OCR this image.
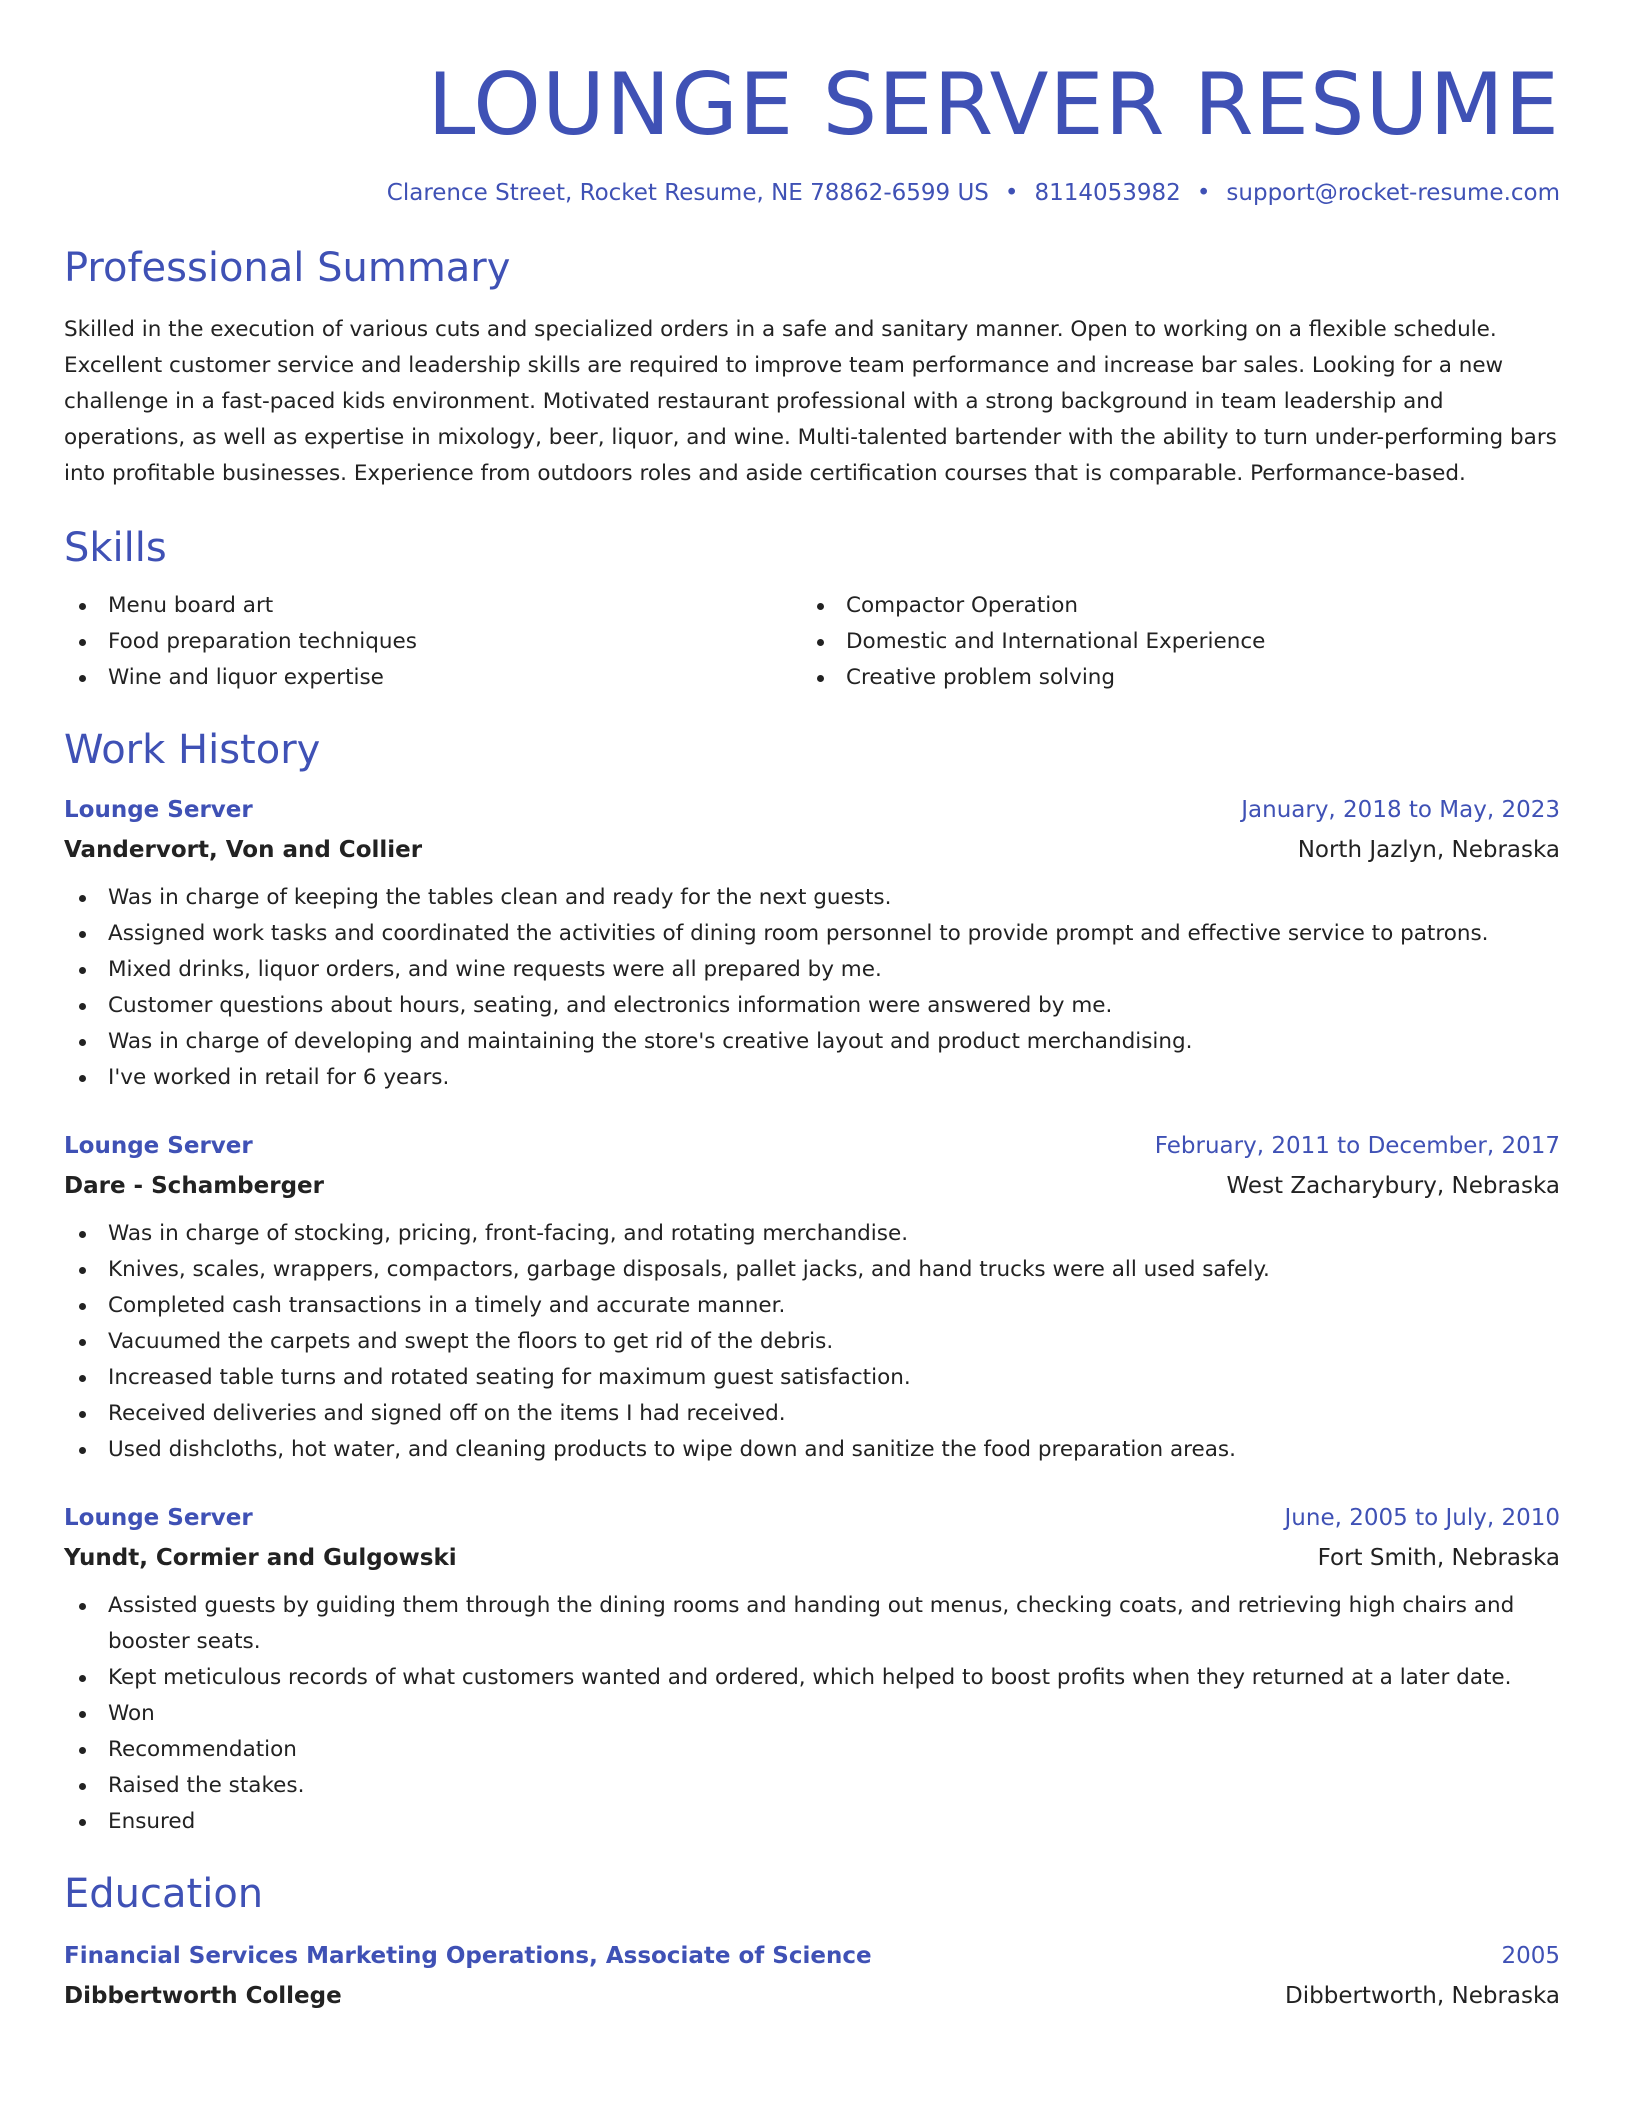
LOUNGE SERVER RESUME
Clarence Street, Rocket Resume, NE 78862-6599 US • 8114053982 • support@rocket-resume.com
Professional Summary

Skilled in the execution of various cuts and specialized orders in a safe and sanitary manner. Open to working on a flexible schedule. Excellent customer service and leadership skills are required to improve team performance and increase bar sales. Looking for a new challenge in a fast-paced kids environment. Motivated restaurant professional with a strong background in team leadership and operations, as well as expertise in mixology, beer, liquor, and wine. Multi-talented bartender with the ability to turn under-performing bars into profitable businesses. Experience from outdoors roles and aside certification courses that is comparable. Performance-based.

Skills
Menu board art
Food preparation techniques
Wine and liquor expertise
Compactor Operation
Domestic and International Experience
Creative problem solving
Work History
Lounge Server	January, 2018 to May, 2023
Vandervort, Von and Collier	North Jazlyn, Nebraska
Was in charge of keeping the tables clean and ready for the next guests.
Assigned work tasks and coordinated the activities of dining room personnel to provide prompt and effective service to patrons.
Mixed drinks, liquor orders, and wine requests were all prepared by me.
Customer questions about hours, seating, and electronics information were answered by me.
Was in charge of developing and maintaining the store's creative layout and product merchandising.
I've worked in retail for 6 years.
Lounge Server	February, 2011 to December, 2017
Dare - Schamberger	West Zacharybury, Nebraska
Was in charge of stocking, pricing, front-facing, and rotating merchandise.
Knives, scales, wrappers, compactors, garbage disposals, pallet jacks, and hand trucks were all used safely.
Completed cash transactions in a timely and accurate manner.
Vacuumed the carpets and swept the floors to get rid of the debris.
Increased table turns and rotated seating for maximum guest satisfaction.
Received deliveries and signed off on the items I had received.
Used dishcloths, hot water, and cleaning products to wipe down and sanitize the food preparation areas.
Lounge Server	June, 2005 to July, 2010
Yundt, Cormier and Gulgowski	Fort Smith, Nebraska
Assisted guests by guiding them through the dining rooms and handing out menus, checking coats, and retrieving high chairs and booster seats.
Kept meticulous records of what customers wanted and ordered, which helped to boost profits when they returned at a later date.
Won
Recommendation
Raised the stakes.
Ensured
Education
Financial Services Marketing Operations, Associate of Science	2005
Dibbertworth College	Dibbertworth, Nebraska
